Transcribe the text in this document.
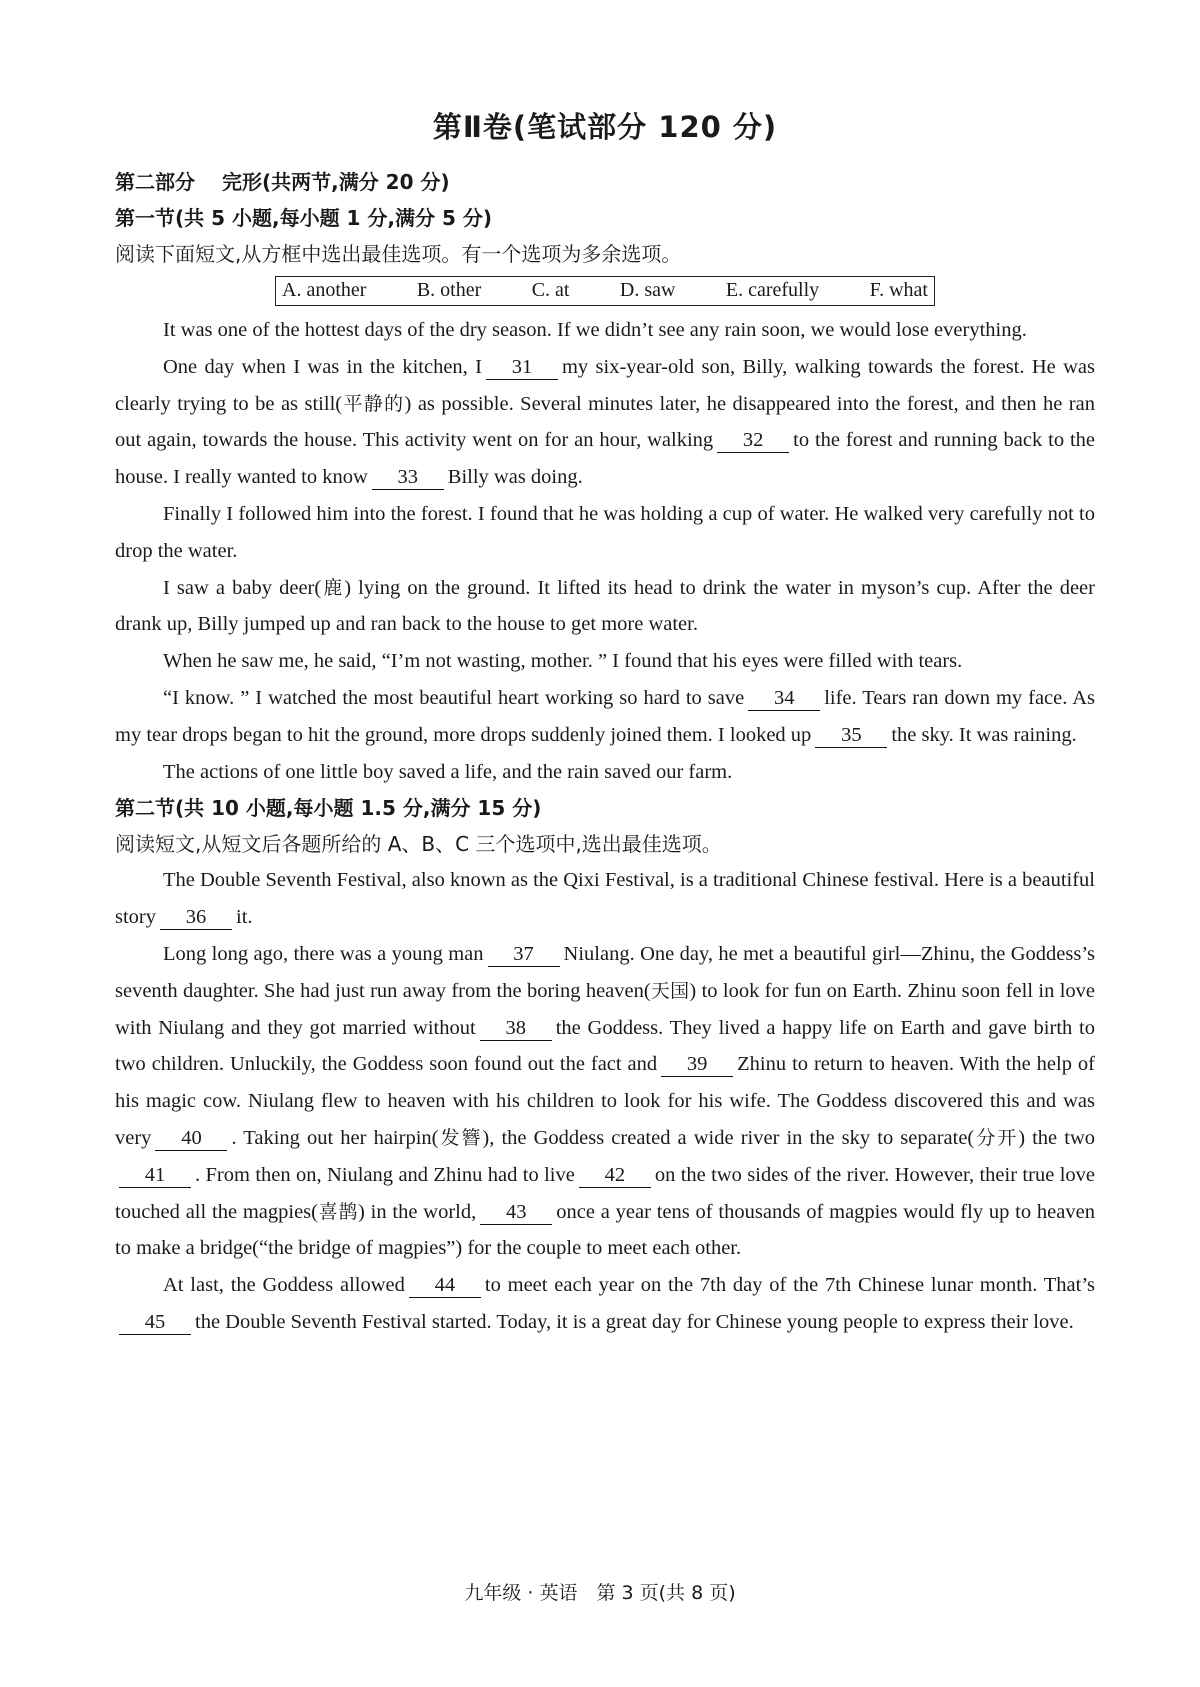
第Ⅱ卷(笔试部分 120 分)
第二部分　 完形(共两节,满分 20 分)
第一节(共 5 小题,每小题 1 分,满分 5 分)
阅读下面短文,从方框中选出最佳选项。有一个选项为多余选项。
A. another	B. other	C. at	D. saw	E. carefully	F. what

It was one of the hottest days of the dry season. If we didn’t see any rain soon, we would lose everything.

One day when I was in the kitchen, I 31 my six-year-old son, Billy, walking towards the forest. He was clearly trying to be as still(平静的) as possible. Several minutes later, he disappeared into the forest, and then he ran out again, towards the house. This activity went on for an hour, walking 32 to the forest and running back to the house. I really wanted to know 33 Billy was doing.

Finally I followed him into the forest. I found that he was holding a cup of water. He walked very carefully not to drop the water.

I saw a baby deer(鹿) lying on the ground. It lifted its head to drink the water in myson’s cup. After the deer drank up, Billy jumped up and ran back to the house to get more water.

When he saw me, he said, “I’m not wasting, mother. ” I found that his eyes were filled with tears.

“I know. ” I watched the most beautiful heart working so hard to save 34 life. Tears ran down my face. As my tear drops began to hit the ground, more drops suddenly joined them. I looked up 35 the sky. It was raining.

The actions of one little boy saved a life, and the rain saved our farm.

第二节(共 10 小题,每小题 1.5 分,满分 15 分)
阅读短文,从短文后各题所给的 A、B、C 三个选项中,选出最佳选项。

The Double Seventh Festival, also known as the Qixi Festival, is a traditional Chinese festival. Here is a beautiful story 36 it.

Long long ago, there was a young man 37 Niulang. One day, he met a beautiful girl—Zhinu, the Goddess’s seventh daughter. She had just run away from the boring heaven(天国) to look for fun on Earth. Zhinu soon fell in love with Niulang and they got married without 38 the Goddess. They lived a happy life on Earth and gave birth to two children. Unluckily, the Goddess soon found out the fact and 39 Zhinu to return to heaven. With the help of his magic cow. Niulang flew to heaven with his children to look for his wife. The Goddess discovered this and was very 40 . Taking out her hairpin(发簪), the Goddess created a wide river in the sky to separate(分开) the two41 . From then on, Niulang and Zhinu had to live 42 on the two sides of the river. However, their true love touched all the magpies(喜鹊) in the world, 43 once a year tens of thousands of magpies would fly up to heaven to make a bridge(“the bridge of magpies”) for the couple to meet each other.

At last, the Goddess allowed 44 to meet each year on the 7th day of the 7th Chinese lunar month. That’s45 the Double Seventh Festival started. Today, it is a great day for Chinese young people to express their love.

九年级 · 英语　第 3 页(共 8 页)
